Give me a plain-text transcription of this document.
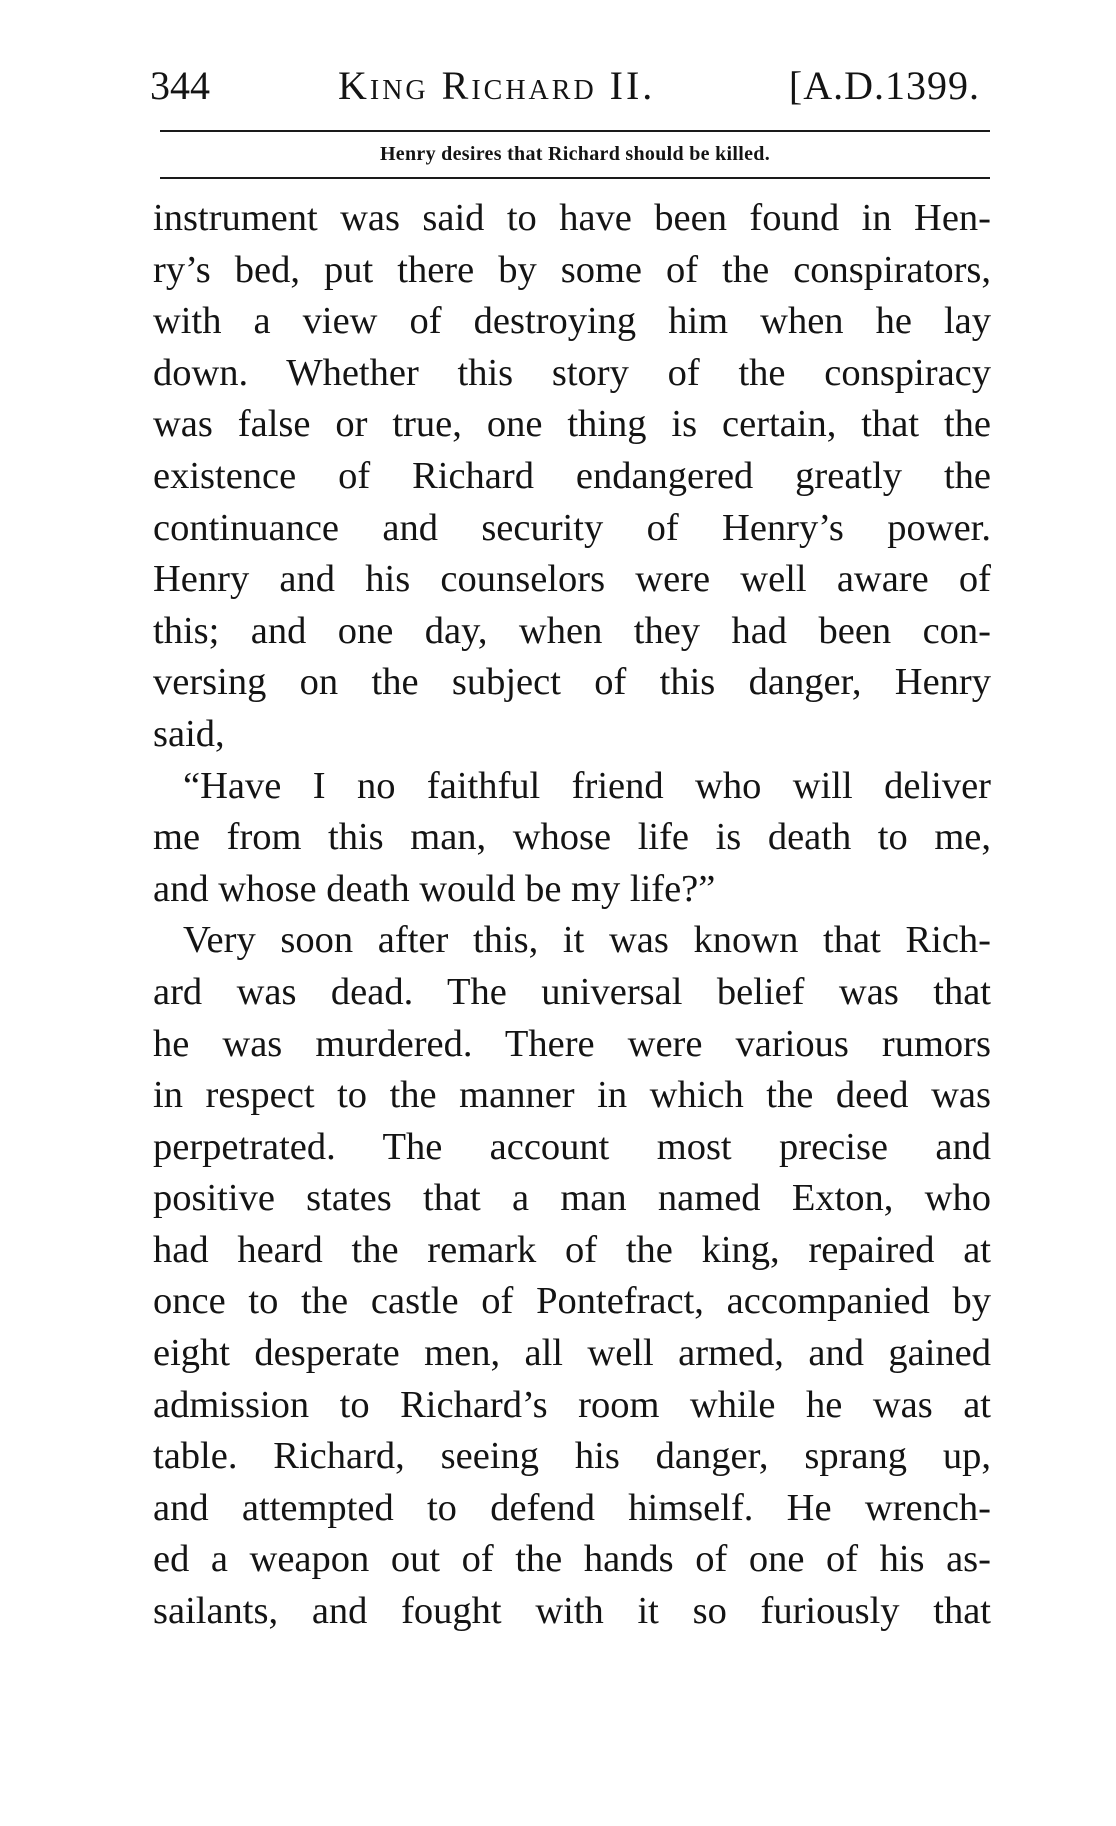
344	King Richard II.	[A.D.1399.
Henry desires that Richard should be killed.
instrument was said to have been found in Hen-
ry’s bed, put there by some of the conspirators,
with a view of destroying him when he lay
down. Whether this story of the conspiracy
was false or true, one thing is certain, that the
existence of Richard endangered greatly the
continuance and security of Henry’s power.
Henry and his counselors were well aware of
this; and one day, when they had been con-
versing on the subject of this danger, Henry
said,
“Have I no faithful friend who will deliver
me from this man, whose life is death to me,
and whose death would be my life?”
Very soon after this, it was known that Rich-
ard was dead. The universal belief was that
he was murdered. There were various rumors
in respect to the manner in which the deed was
perpetrated. The account most precise and
positive states that a man named Exton, who
had heard the remark of the king, repaired at
once to the castle of Pontefract, accompanied by
eight desperate men, all well armed, and gained
admission to Richard’s room while he was at
table. Richard, seeing his danger, sprang up,
and attempted to defend himself. He wrench-
ed a weapon out of the hands of one of his as-
sailants, and fought with it so furiously that
